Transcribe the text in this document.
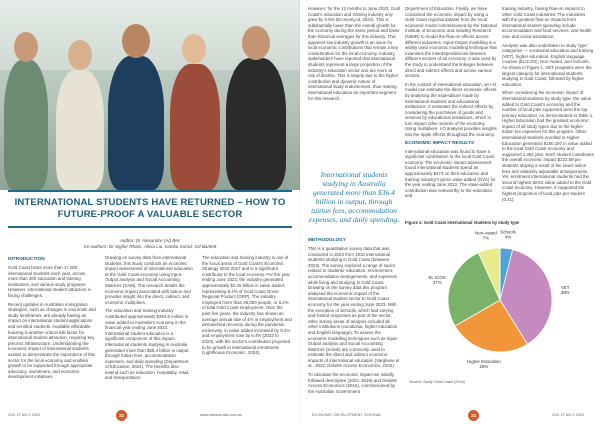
INTERNATIONAL STUDENTS HAVE RETURNED – HOW TO FUTURE-PROOF A VALUABLE SECTOR
Author: Dr Alexandre (Al) Bec
Co-authors: Dr Sigfier Rham, Alicia Liu, Ivanka Koncz, Ed Bartlett
INTRODUCTION

Gold Coast hosts more than 17,000 international students each year, across more than 200 education and training institutions, and various study programs. However, international student attraction is facing challenges.

Recent updates in Australian immigration strategies, such as changes in visa limits and study timeframes, are already having an impact on international student applications and enrolled students. Available affordable housing is another critical risk factor for international student attraction, requiring key precinct infrastructure. Understanding the economic impact of international students assists to demonstrate the importance of this sector for the local economy and enables growth to be supported through appropriate advocacy, investment, and economic development initiatives.

Drawing on survey data from international students, this study conducts an economic impact assessment of international education at the Gold Coast economy using Input-Output analysis and Social Accounting Matrices (SAM). The research details the economic impact associated with tuition and provides insight into the direct, indirect, and economic multipliers.

The education and training industry contributed approximately $264.6 million in value added to Australia's economy in the financial year ending June 2023. International student education is a significant component of this impact. International students studying in Australia generated more than $36.4 billion in output through tuition fees, accommodation expenses, and daily spending (Department of Education, 2024). The benefits also extend such as education, hospitality, retail, and transportation.

The education and training industry is one of the focus areas of Gold Coast's Economic Strategy 2022-2027 and is a significant contributor to the local economy. For the year ending June 2023, the industry generated approximately $2.45 billion in value added, representing 8.4% of Gold Coast Gross Regional Product (GRP). The industry employed more than 25,000 people, or 8.2% of total Gold Coast employment. Over the past five years, the industry has shown an average annual rate of 4% in employment and demand-led recovery during the pandemic. Inclusively, in value added increased by 8.4% and employment rose by 6.4% (2022 to 2023), with the sector's contribution projected to be growth in international enrolments (Lighthouse Economic, 2024).

However, for the 12 months to June 2023, Gold Coast's education and training industry only grew by 0.5% (Economy.id, 2024). This is substantially lower than the overall growth for the economy during the same period and lower than historical averages for this industry. This apparent low industry growth is an issue for local economic contributions that remain a key consideration for the local economy. Industry stakeholders have reported that international students represent a large proportion of the industry's education sector and are more at risk of decline. This is largely due to the higher contribution and dynamic nature of international study endorsement, thus making international education an important segment for this research.

Department of Education. Finally, we have conducted the economic impact by using a Gold Coast regional dataset from the local economic model commissioned by the National Institute of Economic and Industry Research (NIEIR) to model the flow-on effects across different industries. Input-Output modelling is a widely used economic modelling technique that examines the interdependencies between different sectors of an economy. It was used by the study to understand the linkages between direct and indirect effects and across various sectors.

In the context of international education, an I-O model can estimate the direct economic effects by analysing the expenditure made by international students and educational institutions. It estimates the indirect effects by considering the purchases of goods and services by educational institutions, which in turn impact other sectors of the economy. Using multipliers, I-O analysis provides insights into the ripple effects throughout the economy.

ECONOMIC IMPACT RESULTS

International education was found to have a significant contribution to the local Gold Coast economy. The economic impact assessment found international students spend an approximately $473 on their education and training industry's gross value added (GVA) for the year ending June 2023. The value-added contribution was noteworthy to the education and

training industry, having flow-on impacts to other Gold Coast industries. The industries with the greatest flow-on impacts from international student spending include accommodation and food services, and health care and social assistance.

Analysis was also undertaken to study 'type' categories — vocational education and training (VET), higher education, English language courses (ELICOS), Non-Award, and Schools. As shown in Figure 1, VET programs were the largest category for international students studying in Gold Coast, followed by higher education.

When considering the economic impact of international students by study type, the value added to Gold Coast's economy and the number of local jobs supported were the top primary education. As demonstrated in Table 1, Higher Education had the greatest economic impact of all study types due to the higher tuition fee expenses for this program. Other international students enrolled in Higher Education generated $180,197 in value added to the local Gold Coast economy and supported 1,352 jobs. Each student contributes the overall economic impact $223.59 per students staying a result of the lower tuition fees and relatively adjustable arrangements. Yet, enrolment international students had the second highest direct value added to the Gold Coast economy. However, it supported the highest proportion of local jobs per student (0.41).

International students studying in Australia generated more than $36.4 billion in output, through tuition fees, accommodation expenses, and daily spending.
METHODOLOGY

This is a quantitative survey data that was conducted in 2023 from 1910 international students studying in Gold Coast (between 2023). The survey explored a range of topics related to students' education, environment, accommodation arrangements, and expenses while living and studying in Gold Coast. Drawing on the survey data this program analysed the economic impact of the international student sector to Gold Coast economy for the year ending June 2023. With the exception of Schools, which had varying and limited responses as part of the sector, other survey areas of analysis included all other institutions (vocational, higher education and English language). To assess the economic modelling techniques such as Input-Output analysis and Social Accounting Matrices (SAMs) are commonly used to estimate the direct and indirect economic impacts of international education (Varghese et al., 2022; Deloitte Access Economics, 2022).

To calculate the economic impact we initially followed descriptive (2022, 2019) and Deloitte Access Economics (2016), commissioned by the Australian Government

Figure 1: Gold Coast international students by study type
Schools
4%
VET
38%
Higher Education
26%
EL ICOS
27%
Non-Award
7%
Source: Study Gold Coast (2024)
VOL 17 NO 2 2024	22	www.edasultralia.com.au	ECONOMIC DEVELOPMENT JOURNAL	23	VOL 17 NO 2 2024
